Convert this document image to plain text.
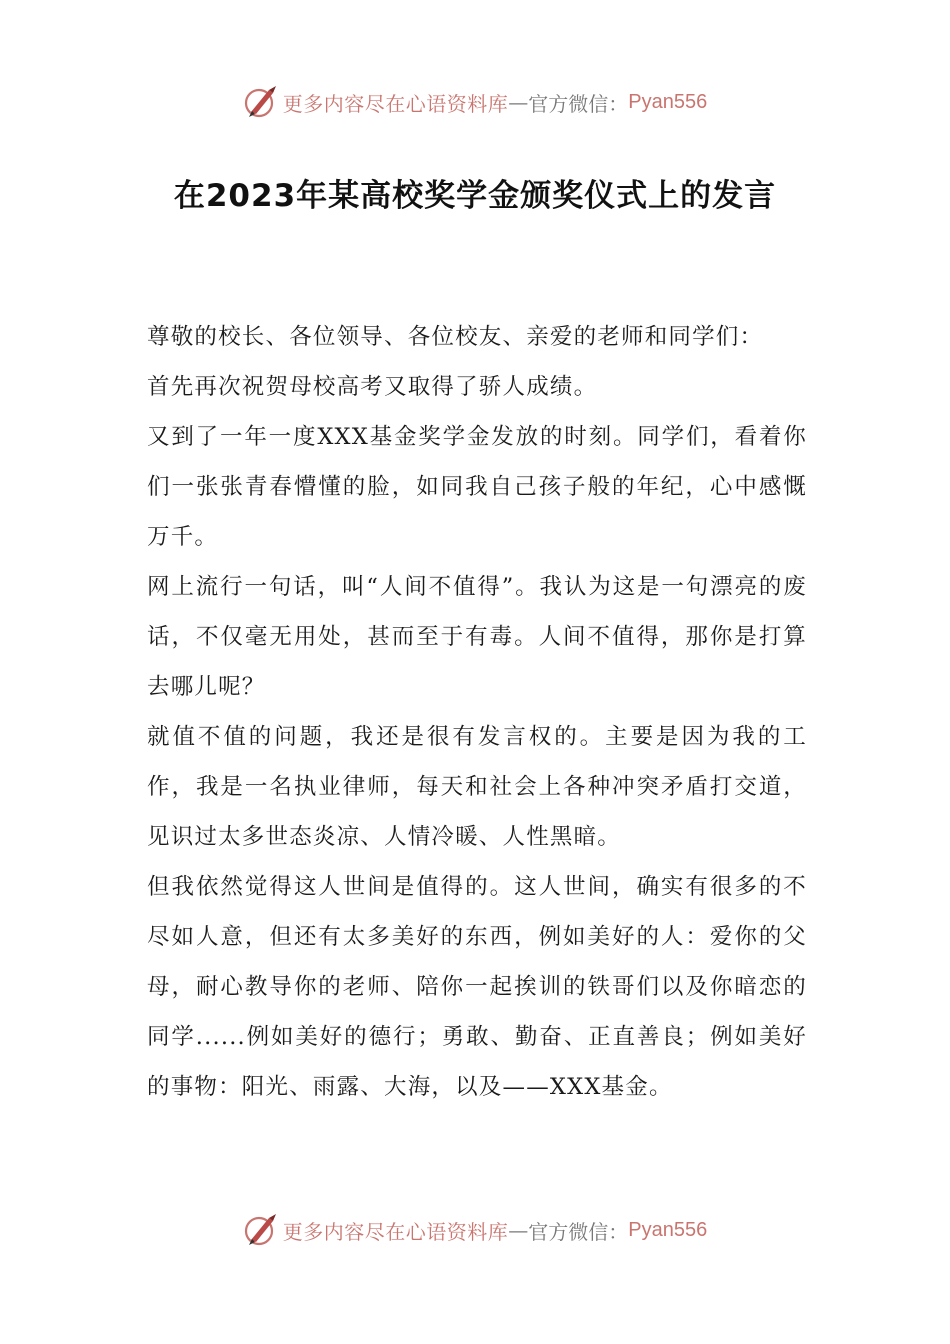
更多内容尽在心语资料库 — 官方微信： Pyan556
在2023年某高校奖学金颁奖仪式上的发言

尊敬的校长、各位领导、各位校友、亲爱的老师和同学们：

首先再次祝贺母校高考又取得了骄人成绩。

又到了一年一度XXX基金奖学金发放的时刻。同学们，看着你们一张张青春懵懂的脸，如同我自己孩子般的年纪，心中感慨万千。

网上流行一句话，叫“人间不值得”。我认为这是一句漂亮的废话，不仅毫无用处，甚而至于有毒。人间不值得，那你是打算去哪儿呢？

就值不值的问题，我还是很有发言权的。主要是因为我的工作，我是一名执业律师，每天和社会上各种冲突矛盾打交道，见识过太多世态炎凉、人情冷暖、人性黑暗。

但我依然觉得这人世间是值得的。这人世间，确实有很多的不尽如人意，但还有太多美好的东西，例如美好的人：爱你的父母，耐心教导你的老师、陪你一起挨训的铁哥们以及你暗恋的同学......例如美好的德行；勇敢、勤奋、正直善良；例如美好的事物：阳光、雨露、大海，以及——XXX基金。

更多内容尽在心语资料库 — 官方微信： Pyan556
